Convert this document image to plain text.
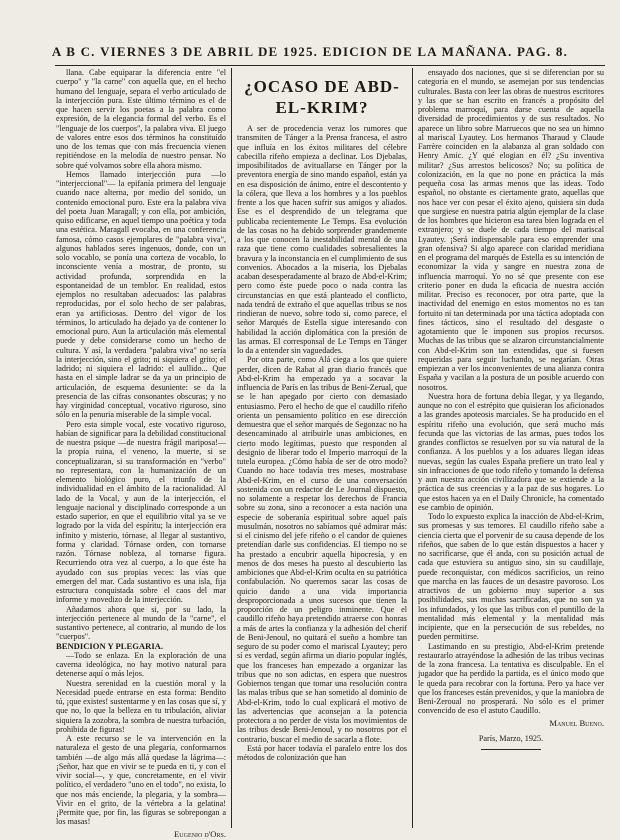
A B C. VIERNES 3 DE ABRIL DE 1925. EDICION DE LA MAÑANA. PAG. 8.

llana. Cabe equiparar la diferencia entre "el cuerpo" y "la carne" con aquella que, en el hecho humano del lenguaje, separa el verbo articulado de la interjección pura. Este último término es el de que hacen servir los poetas a la palabra como expresión, de la elegancia formal del verbo. Es el "lenguaje de los cuerpos", la palabra viva. El juego de valores entre esos dos términos ha constituído uno de los temas que con más frecuencia vienen repitiéndose en la melodía de nuestro pensar. No sobre qué volvamos sobre ella ahora mismo.

Hemos llamado interjección pura —lo "interjeccional"— la epifanía primera del lenguaje cuando nace alterna, por medio del sonido, un contenido emocional puro. Este era la palabra viva del poeta Juan Maragall; y con ella, por ambición, quiso edificarse, en aquel tiempo una poética y toda una estética. Maragall evocaba, en una conferencia famosa, cómo casos ejemplares de "palabra viva", algunos hablados seres ingenuos, donde, con un solo vocablo, se ponía una corteza de vocablo, lo inconsciente venía a mostrar, de pronto, su actividad profunda, sorprendida en la espontaneidad de un temblor. En realidad, estos ejemplos no resultaban adecuados: las palabras reproducidas, por el solo hecho de ser palabras, eran ya artificiosas. Dentro del vigor de los términos, lo articulado ha dejado ya de contener lo emocional puro. Aun la articulación más elemental puede y debe considerarse como un hecho de cultura. Y así, la verdadera "palabra viva" no sería la interjección, sino el grito; ni siquiera el grito; el ladrido; ni siquiera el ladrido: el aullido... Que hasta en el simple ladrar se da ya un principio de articulación, de esquema desuniente: se da la presencia de las cifras consonantes obscuras; y no hay virginidad conceptual, vocativo riguroso, sino sólo en la penuria miserable de la simple vocal.

Pero esta simple vocal, este vocativo riguroso, habían de significar para la debilidad constitucional de nuestra psique —de nuestra frágil mariposa!— la propia ruina, el veneno, la muerte, si se conceptualizaran, si su transformación en "verbo" no representara, con la humanización de un elemento biológico puro, el triunfo de la individualidad en el ámbito de la racionalidad. Al lado de la Vocal, y aun de la interjección, el lenguaje nacional y disciplinado corresponde a un estado superior, en que el equilibrio vital ya se ve logrado por la vida del espíritu; la interjección era infinito y misterio, tórnase, al llegar al sustantivo, forma y claridad. Tórnase orden, con tornarse razón. Tórnase nobleza, al tornarse figura. Recurriendo otra vez al cuerpo, a lo que éste ha ayudado con sus propias veces: las vías que emergen del mar. Cada sustantivo es una isla, fija estructura conquistada sobre el caos del mar informe y movedizo de la interjección.

Añadamos ahora que si, por su lado, la interjección pertenece al mundo de la "carne", el sustantivo pertenece, al contrario, al mundo de los "cuerpos".

BENDICION Y PLEGARIA.

—Todo se enlaza. En la exploración de una caverna ideológica, no hay motivo natural para detenerse aquí o más lejos.

Nuestra serenidad en la cuestión moral y la Necesidad puede entrarse en esta forma: Bendito tú, ¡que existes! sustentarme y en las cosas que sí, y que no, lo que la belleza en tu tribulación, aliviar siquiera la zozobra, la sombra de nuestra turbación, prohibida de figuras!

A este recurso se le va intervención en la naturaleza el gesto de una plegaria, conformarnos también —de algo más allá quedase la lágrima—: ¡Señor, haz que en vivir se te pueda en ti, y con el vivir social—, y que, concretamente, en el vivir político, el verdadero "uno en el todo", no exista, lo que nos más enciende, la plegaria, y la sombra—Vivir en el grito, de la vértebra a la gelatina! ¡Permite que, por fin, las figuras se sobrepongan a los masas!

Eugenio d'Ors.

¿OCASO DE ABD-EL-KRIM?

A ser de procedencia veraz los rumores que transmiten de Tánger a la Prensa francesa, el astro que influía en los éxitos militares del célebre cabecilla rifeño empieza a declinar. Los Djebalas, imposibilitados de avituallarse en Tánger por la preventora energía de sino mando español, están ya en esa disposición de ánimo, entre el descontento y la cólera, que lleva a los hombres y a los pueblos frente a los que hacen sufrir sus amigos y aliados. Ese es el desprendido de un telegrama que publicaba recientemente Le Temps. Esa evolución de las cosas no ha debido sorprender grandemente a los que conocen la inestabilidad mental de una raza que tiene como cualidades sobresalientes la bravura y la inconstancia en el cumplimiento de sus convenios. Abocados a la miseria, los Djebalas acaban desesperadamente al brazo de Abd-el-Krim; pero como éste puede poco o nada contra las circunstancias en que está planteado el conflicto, nada tendrá de extraño el que aquellas tribus se nos rindieran de nuevo, sobre todo si, como parece, el señor Marqués de Estella sigue interesando con habilidad la acción diplomática con la presión de las armas. El corresponsal de Le Temps en Tánger lo da a entender sin vaguedades.

Por otra parte, como Alá ciega a los que quiere perder, dicen de Rabat al gran diario francés que Abd-el-Krim ha empezado ya a socavar la influencia de París en las tribus de Beni-Zerual, que se le han apegado por cierto con demasiado entusiasmo. Pero el hecho de que el caudillo rifeño orienta un pensamiento político en ese dirección demuestra que el señor marqués de Segonzac no ha desencaminado al atribuirle unas ambiciones, en cierto modo legítimas, puesto que responden al designio de liberar todo el Imperio marroquí de la tutela europea. ¿Cómo había de ser de otro modo? Cuando no hace todavía tres meses, mostrabase Abd-el-Krim, en el curso de una conversación sostenida con un redactor de Le Journal dispuesto, no solamente a respetar los derechos de Francia sobre su zona, sino a reconocer a esta nación una especie de soberanía espiritual sobre aquel país musulmán, nosotros no sabíamos qué admirar más: si el cinismo del jefe rifeño o el candor de quienes pretendían darle sus confidencias. El tiempo no se ha prestado a encubrir aquella hipocresía, y en menos de dos meses ha puesto al descubierto las ambiciones que Abd-el-Krim oculta en su patriótica confabulación. No queremos sacar las cosas de quicio dando a una vida importancia desproporcionada a unos sucesos que tienen la proporción de un peligro inminente. Que el caudillo rifeño haya pretendido atraerse con honras a más de artes la confianza y la adhesión del cherif de Beni-Jenoul, no quitará el sueño a hombre tan seguro de su poder como el mariscal Lyautey; pero sí es verdad, según afirma un diario popular inglés, que los franceses han empezado a organizar las tribus que no son adictas, en espera que nuestros Gobiernos tengan que tomar una resolución contra las malas tribus que se han sometido al dominio de Abd-el-Krim, todo lo cual explicará el motivo de las advertencias que aconsejan a la potencia protectora a no perder de vista los movimientos de las tribus desde Beni-Jenoul, y no nosotros por el contrario, buscar el medio de sacarla a flote.

Está por hacer todavía el paralelo entre los dos métodos de colonización que han

ensayado dos naciones, que si se diferencian por su categoría en el mundo, se asemejan por sus tendencias culturales. Basta con leer las obras de nuestros escritores y las que se han escrito en francés a propósito del problema marroquí, para darse cuenta de aquella diversidad de procedimientos y de sus resultados. No aparece un libro sobre Marruecos que no sea un himno al mariscal Lyautey. Los hermanos Tharaud y Claude Farrère coinciden en la alabanza al gran soldado con Henry Amic. ¿Y qué elogian en él? ¿Su inventiva militar? ¿Sus arrestos belicosos? No; su política de colonización, en la que no pone en práctica la más pequeña cosa las armas menos que las ideas. Todo español, no obstante es ciertamente grato, aquellas que nos hace ver con pesar el éxito ajeno, quisiera sin duda que surgiese en nuestra patria algún ejemplar de la clase de los hombres que hicieron esa tarea bien lograda en el extranjero; y se duele de cada tiempo del mariscal Lyautey. ¡Será indispensable para eso emprender una gran ofensiva? Si algo aparece con claridad meridiana en el programa del marqués de Estella es su intención de economizar la vida y sangre en nuestra zona de influencia marroquí. Yo no sé que presente con ese criterio poner en duda la eficacia de nuestra acción militar. Preciso es reconocer, por otra parte, que la inactividad del enemigo en estos momentos no es tan fortuito ni tan determinada por una táctica adoptada con fines tácticos, sino el resultado del desgaste o agotamiento que le imponen sus propios recursos. Muchas de las tribus que se alzaron circunstancialmente con Abd-el-Krim son tan extendidas, que si fuesen requeridas para seguir luchando, se negarían. Otras empiezan a ver los inconvenientes de una alianza contra España y vacilan a la postura de un posible acuerdo con nosotros.

Nuestra hora de fortuna debía llegar, y ya llegando, aunque no con el estrépito que quisieran los aficionados a las grandes apoteosis marciales. Se ha producido en el espíritu rifeño una evolución, que será mucho más fecunda que las victorias de las armas, pues todos los grandes conflictos se resuelven por su vía natural de la confianza. A los pueblos y a los aduares llegan ideas nuevas, según las cuales España prefiere un trato leal y sin infracciones de que todo rifeño y tomando la defensa y aun nuestra acción civilizadora que se extiende a la práctica de sus creencias y a la paz de sus hogares. Lo que estos hacen ya en el Daily Chronicle, ha comentado ese cambio de opinión.

Todo lo expuesto explica la inacción de Abd-el-Krim, sus promesas y sus temores. El caudillo rifeño sabe a ciencia cierta que el porvenir de su causa depende de los rifeños, que saben de lo que están dispuestos a hacer y no sacrificarse, que él anda, con su posición actual de cada que estuviera su antiguo sino, sin su caudillaje, puede reconquistar, con médicos sacrificios, un reino que marcha en las fauces de un desastre pavoroso. Los atractivos de un gobierno muy superior a sus posibilidades, sus muchas sacrificadas, que no son ya los infundados, y los que las tribus con el puntillo de la mentalidad más elemental y la mentalidad más incipiente, que en la persecución de sus rebeldes, no pueden permitirse.

Lastimando en su prestigio, Abd-el-Krim pretende restaurarlo atrayéndose la adhesión de las tribus vecinas de la zona francesa. La tentativa es disculpable. En el jugador que ha perdido la partida, es el único modo que le queda para recobrar con la fortuna. Pero ya hace ver que los franceses están prevenidos, y que la maniobra de Beni-Zeroual no prosperará. No sólo es el primer convencido de eso el astuto Caudillo.

Manuel Bueno.

París, Marzo, 1925.
